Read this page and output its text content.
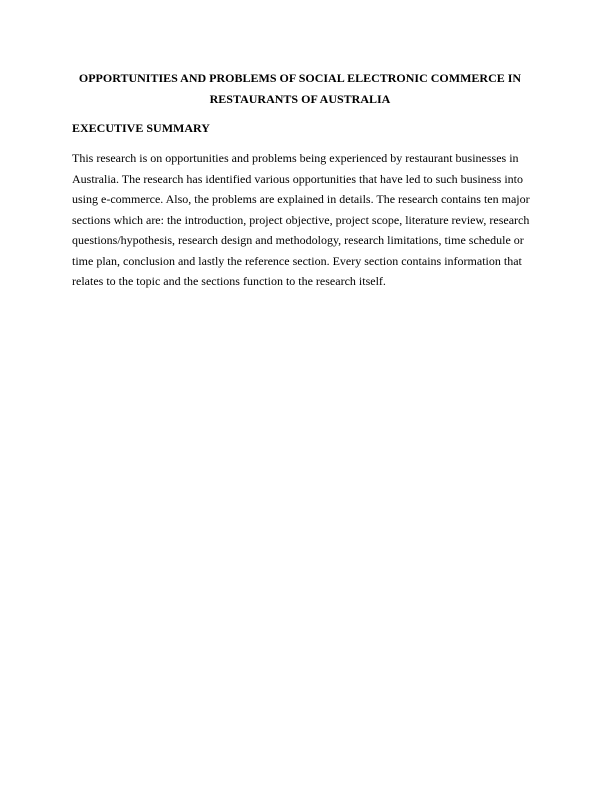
OPPORTUNITIES AND PROBLEMS OF SOCIAL ELECTRONIC COMMERCE IN
RESTAURANTS OF AUSTRALIA
EXECUTIVE SUMMARY
This research is on opportunities and problems being experienced by restaurant businesses in
Australia. The research has identified various opportunities that have led to such business into
using e-commerce. Also, the problems are explained in details. The research contains ten major
sections which are: the introduction, project objective, project scope, literature review, research
questions/hypothesis, research design and methodology, research limitations, time schedule or
time plan, conclusion and lastly the reference section. Every section contains information that
relates to the topic and the sections function to the research itself.
